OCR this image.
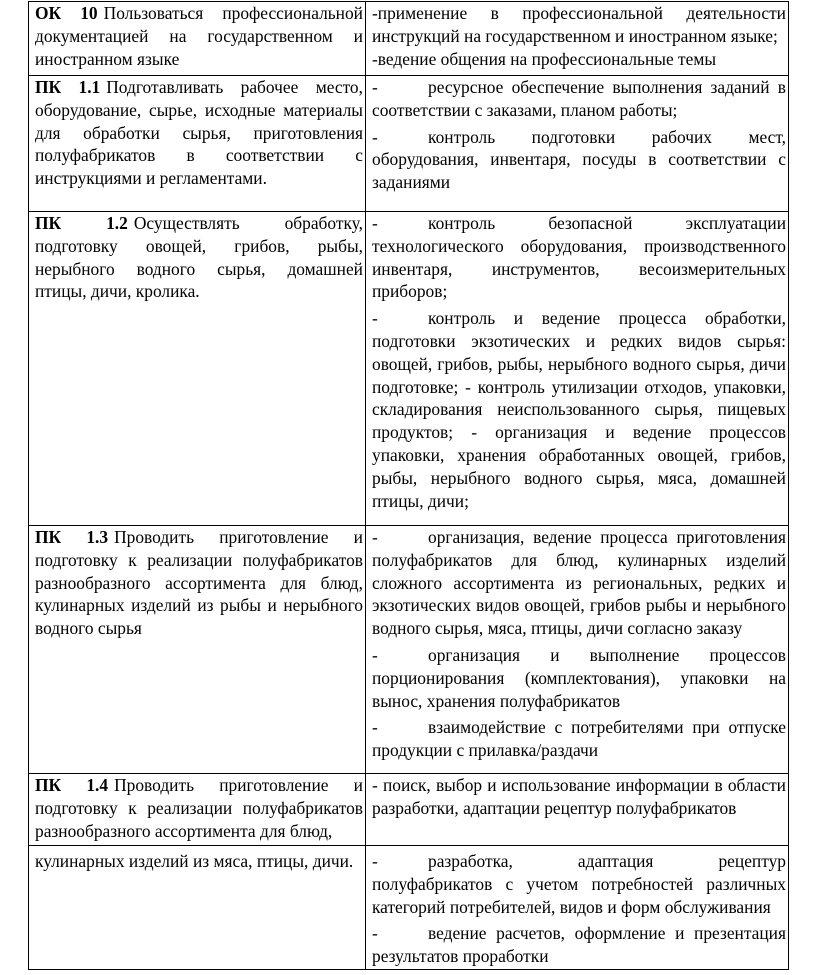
ОК 10 Пользоваться профессиональной документацией на государственном и иностранном языке	-применение в профессиональной деятельности инструкций на государственном и иностранном языке;

-ведение общения на профессиональные темы

ПК 1.1 Подготавливать рабочее место, оборудование, сырье, исходные материалы для обработки сырья, приготовления полуфабрикатов в соответствии с инструкциями и регламентами.	- ресурсное обеспечение выполнения заданий в соответствии с заказами, планом работы;

- контроль подготовки рабочих мест, оборудования, инвентаря, посуды в соответствии с заданиями

ПК 1.2 Осуществлять обработку, подготовку овощей, грибов, рыбы, нерыбного водного сырья, домашней птицы, дичи, кролика.	- контроль безопасной эксплуатации технологического оборудования, производственного инвентаря, инструментов, весоизмерительных приборов;

- контроль и ведение процесса обработки, подготовки экзотических и редких видов сырья: овощей, грибов, рыбы, нерыбного водного сырья, дичи подготовке; - контроль утилизации отходов, упаковки, складирования неиспользованного сырья, пищевых продуктов; - организация и ведение процессов упаковки, хранения обработанных овощей, грибов, рыбы, нерыбного водного сырья, мяса, домашней птицы, дичи;

ПК 1.3 Проводить приготовление и подготовку к реализации полуфабрикатов разнообразного ассортимента для блюд, кулинарных изделий из рыбы и нерыбного водного сырья	- организация, ведение процесса приготовления полуфабрикатов для блюд, кулинарных изделий сложного ассортимента из региональных, редких и экзотических видов овощей, грибов рыбы и нерыбного водного сырья, мяса, птицы, дичи согласно заказу

- организация и выполнение процессов порционирования (комплектования), упаковки на вынос, хранения полуфабрикатов

- взаимодействие с потребителями при отпуске продукции с прилавка/раздачи

ПК 1.4 Проводить приготовление и подготовку к реализации полуфабрикатов разнообразного ассортимента для блюд,	- поиск, выбор и использование информации в области разработки, адаптации рецептур полуфабрикатов

кулинарных изделий из мяса, птицы, дичи.	- разработка, адаптация рецептур полуфабрикатов с учетом потребностей различных категорий потребителей, видов и форм обслуживания

- ведение расчетов, оформление и презентация результатов проработки
